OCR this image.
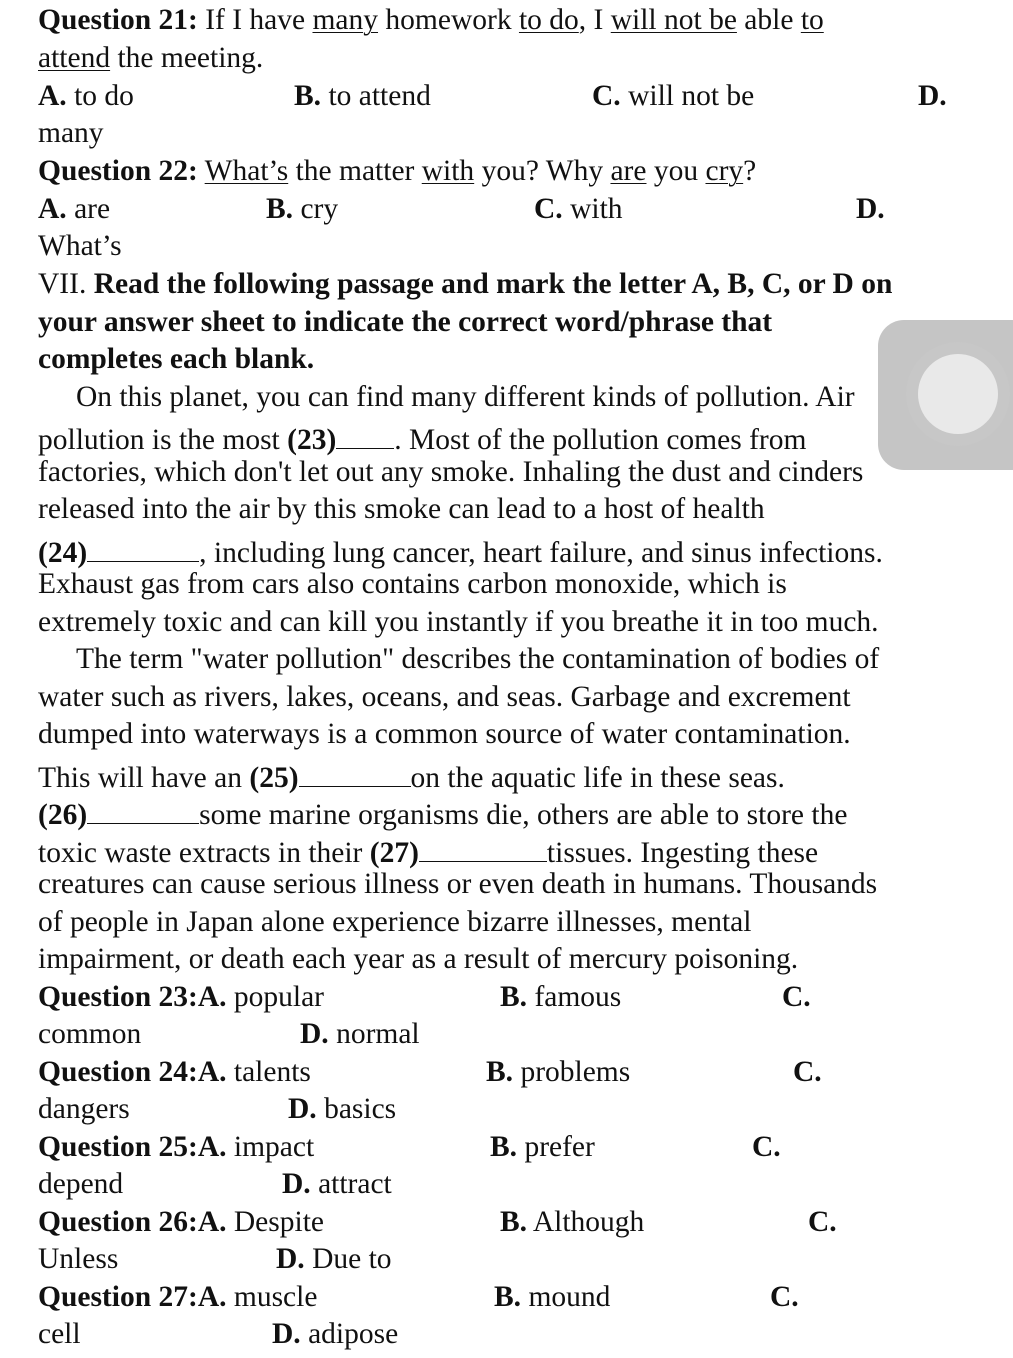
Question 21: If I have many homework to do, I will not be able to
attend the meeting.
A. to do	B. to attend	C. will not be	D.
many
Question 22: What’s the matter with you? Why are you cry?
A. are	B. cry	C. with	D.
What’s
VII. Read the following passage and mark the letter A, B, C, or D on
your answer sheet to indicate the correct word/phrase that
completes each blank.
On this planet, you can find many different kinds of pollution. Air
pollution is the most (23) . Most of the pollution comes from
factories, which don't let out any smoke. Inhaling the dust and cinders
released into the air by this smoke can lead to a host of health
(24)	, including lung cancer, heart failure, and sinus infections.
Exhaust gas from cars also contains carbon monoxide, which is
extremely toxic and can kill you instantly if you breathe it in too much.
The term "water pollution" describes the contamination of bodies of
water such as rivers, lakes, oceans, and seas. Garbage and excrement
dumped into waterways is a common source of water contamination.
This will have an (25)	on the aquatic life in these seas.
(26)	some marine organisms die, others are able to store the
toxic waste extracts in their (27)	tissues. Ingesting these
creatures can cause serious illness or even death in humans. Thousands
of people in Japan alone experience bizarre illnesses, mental
impairment, or death each year as a result of mercury poisoning.
Question 23:A. popular	B. famous	C.
common	D. normal
Question 24:A. talents	B. problems	C.
dangers	D. basics
Question 25:A. impact	B. prefer	C.
depend	D. attract
Question 26:A. Despite	B. Although	C.
Unless	D. Due to
Question 27:A. muscle	B. mound	C.
cell	D. adipose
